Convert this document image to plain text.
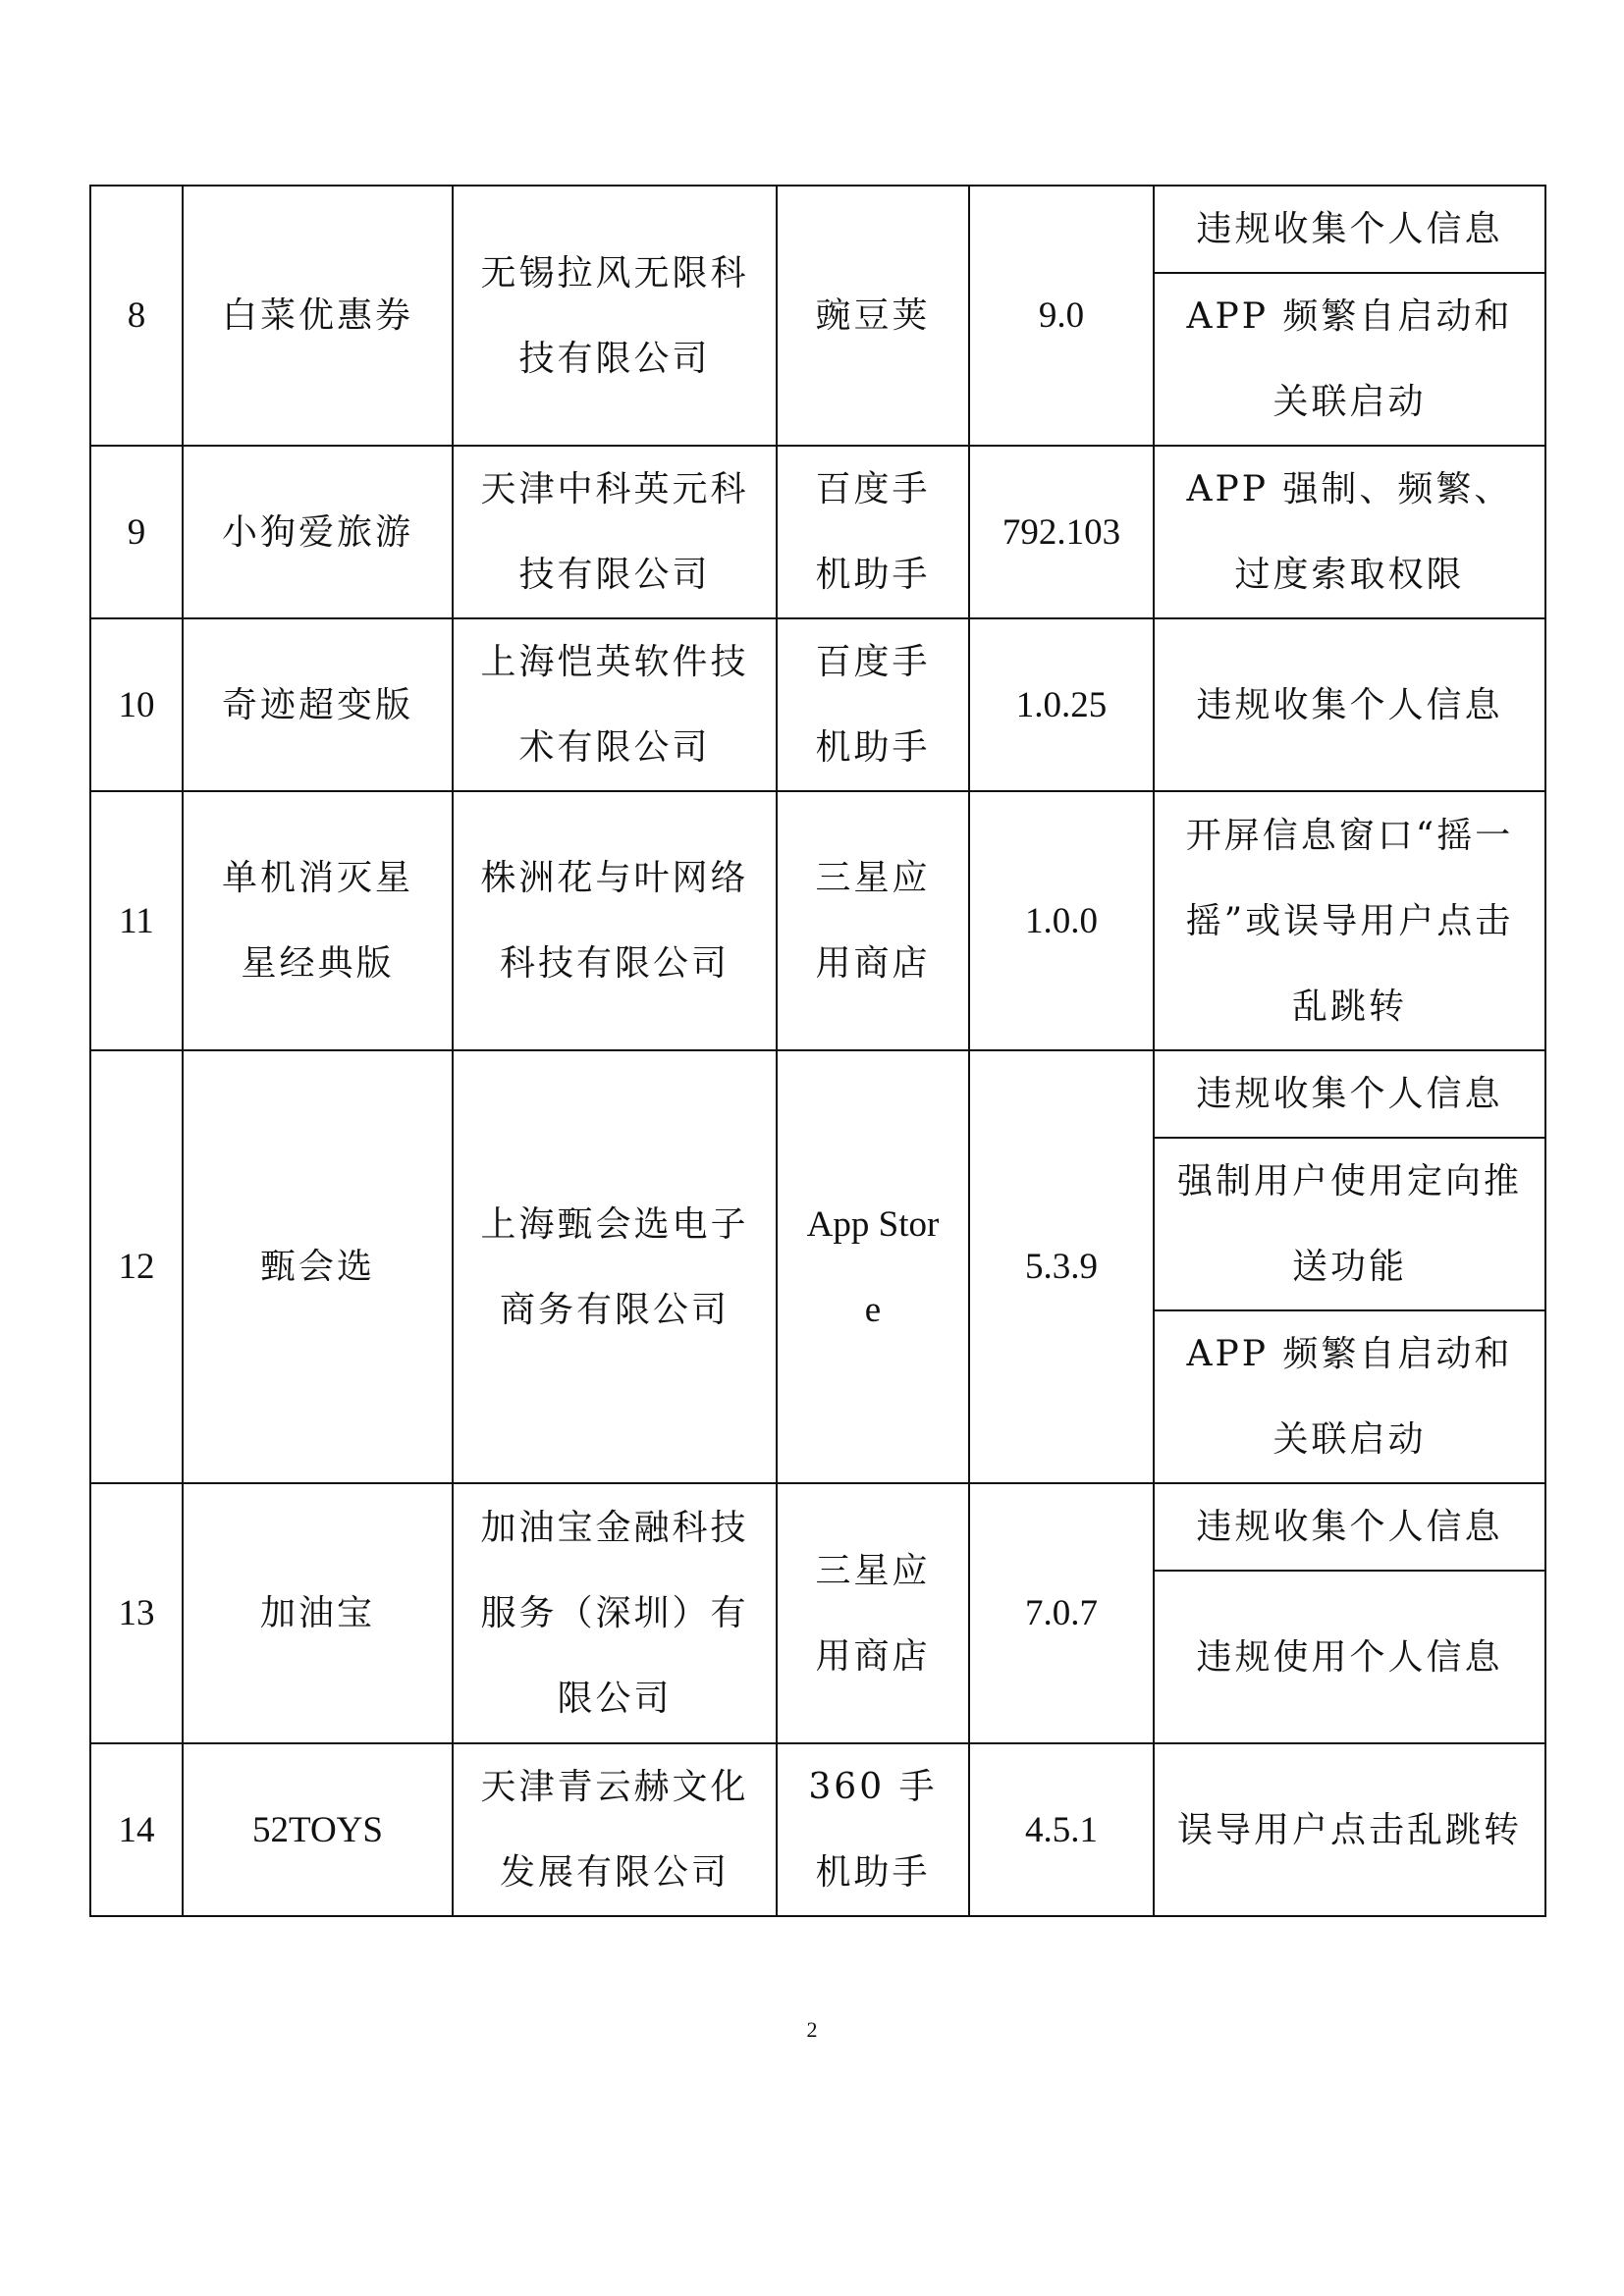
8	白菜优惠券	无锡拉风无限科技有限公司	豌豆荚	9.0	违规收集个人信息
					APP 频繁自启动和关联启动
9	小狗爱旅游	天津中科英元科技有限公司	百度手机助手	792.103	APP 强制、频繁、过度索取权限
10	奇迹超变版	上海恺英软件技术有限公司	百度手机助手	1.0.25	违规收集个人信息
11	单机消灭星星经典版	株洲花与叶网络科技有限公司	三星应用商店	1.0.0	开屏信息窗口“摇一摇”或误导用户点击乱跳转
12	甄会选	上海甄会选电子商务有限公司	App Store	5.3.9	违规收集个人信息
					强制用户使用定向推送功能
					APP 频繁自启动和关联启动
13	加油宝	加油宝金融科技服务（深圳）有限公司	三星应用商店	7.0.7	违规收集个人信息
					违规使用个人信息
14	52TOYS	天津青云赫文化发展有限公司	360 手机助手	4.5.1	误导用户点击乱跳转
2
